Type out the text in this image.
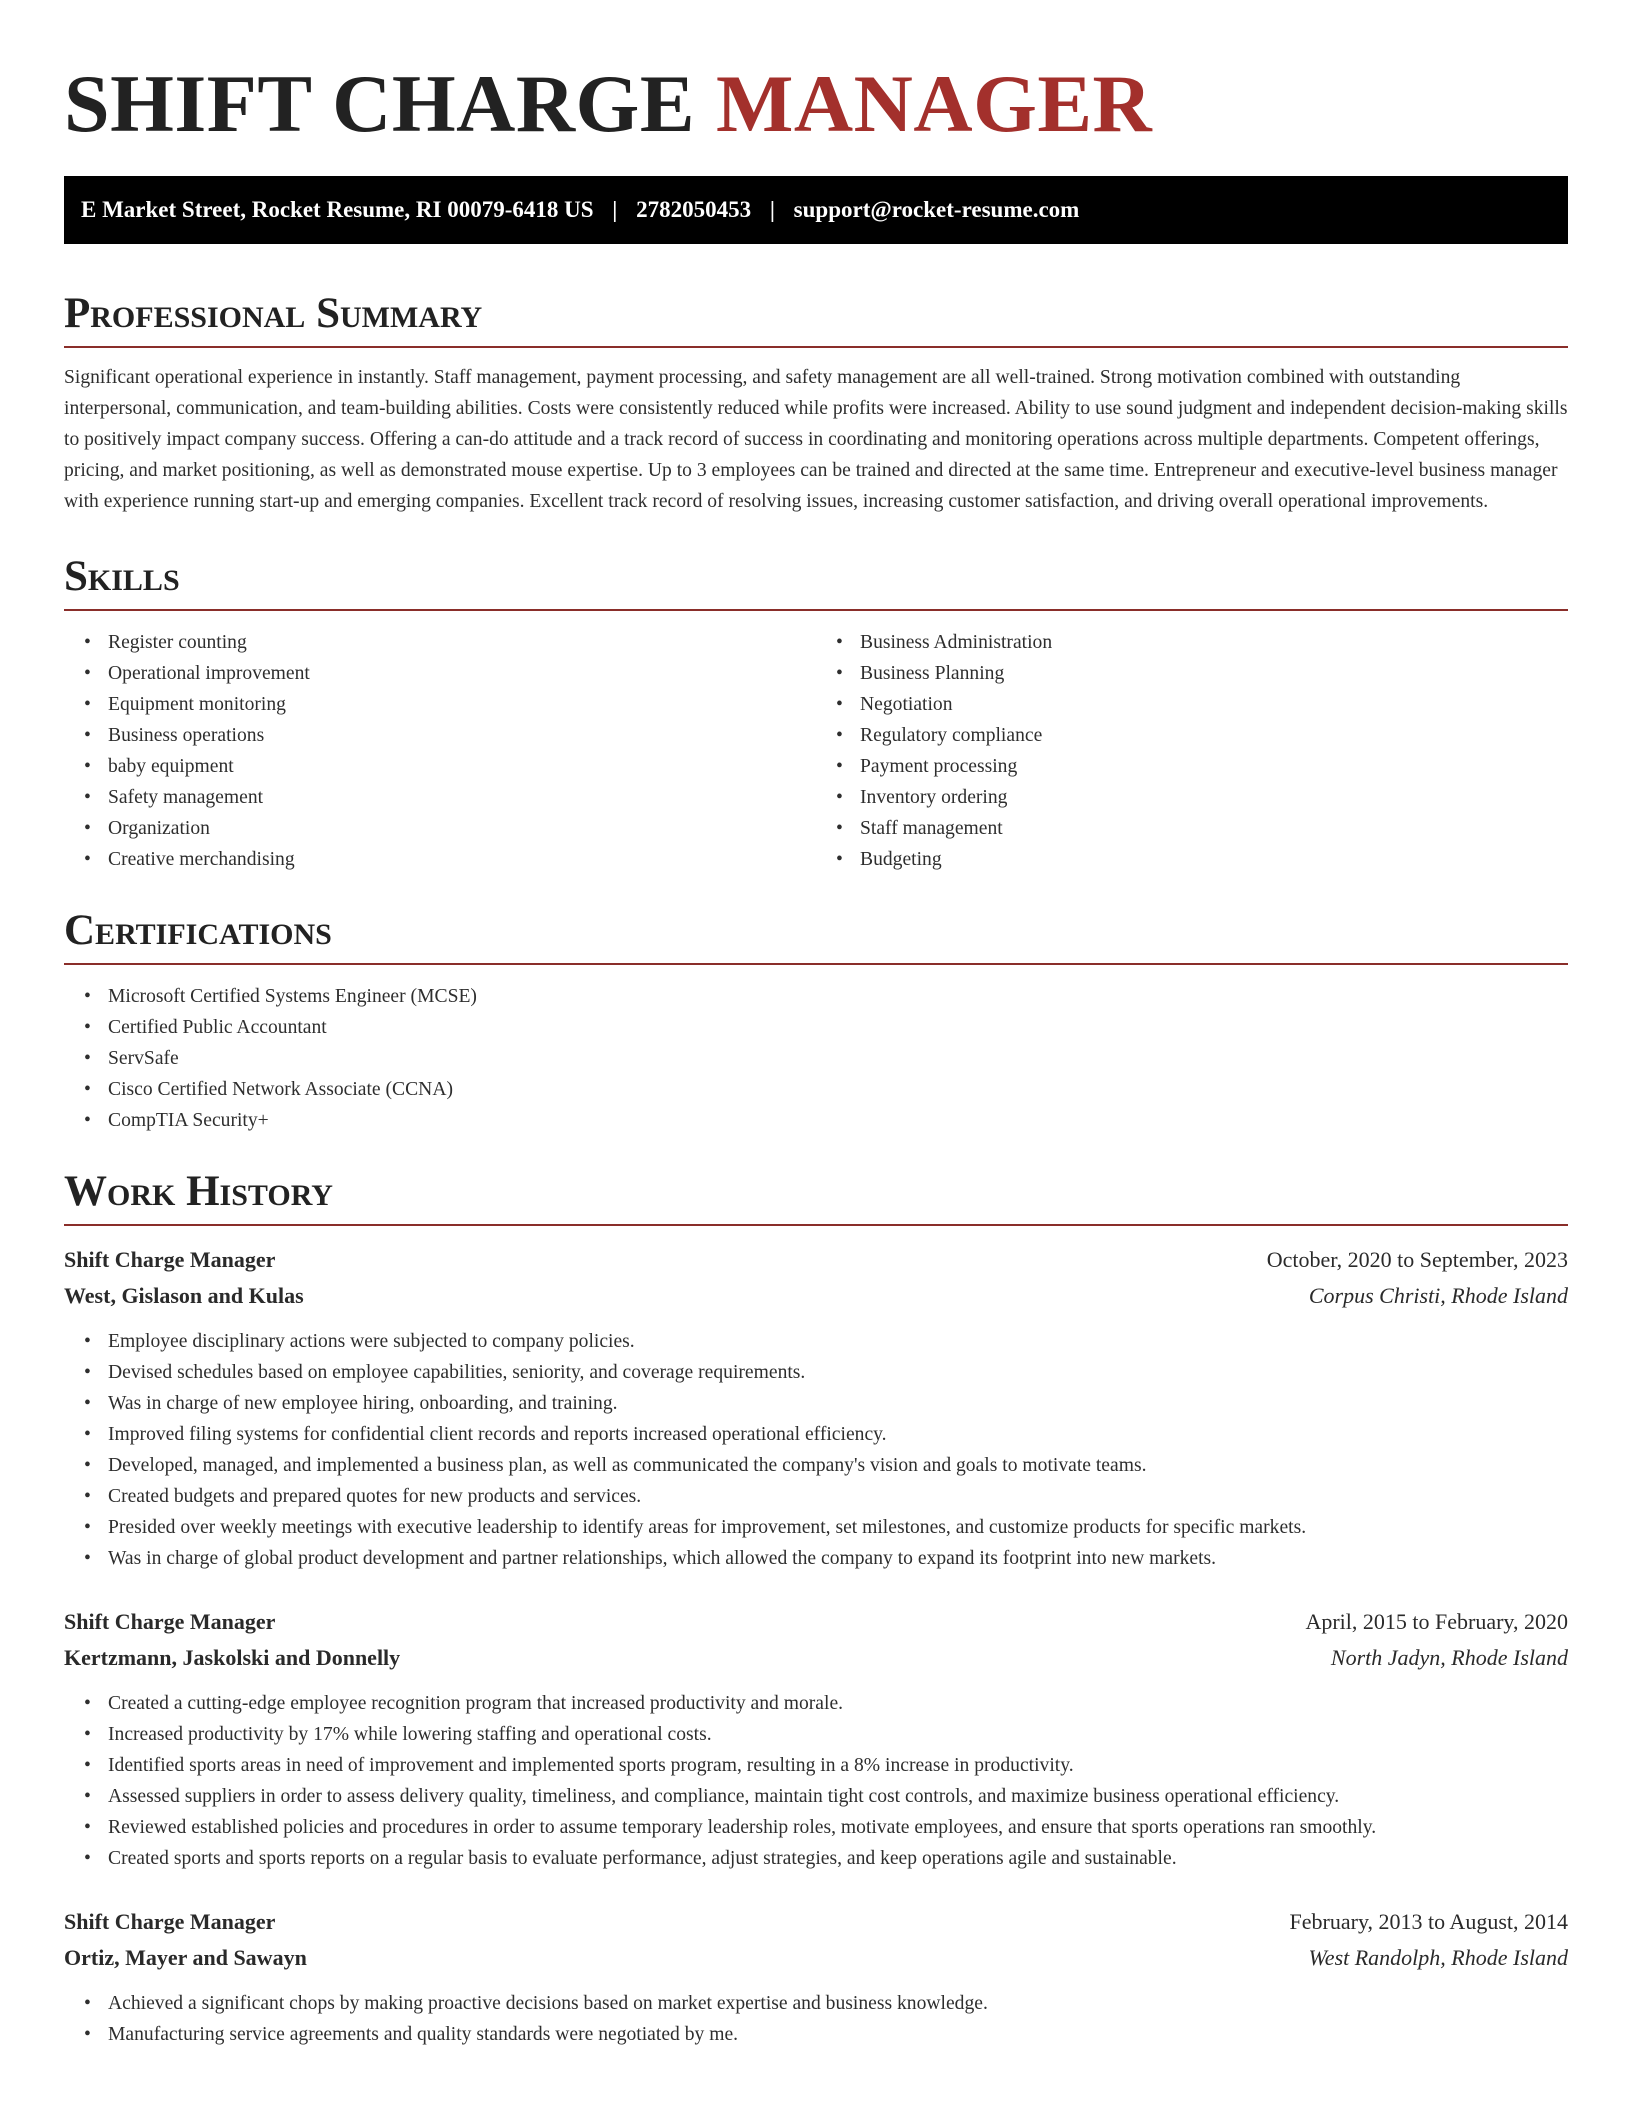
SHIFT CHARGE MANAGER
E Market Street, Rocket Resume, RI 00079-6418 US | 2782050453 | support@rocket-resume.com
Professional Summary

Significant operational experience in instantly. Staff management, payment processing, and safety management are all well-trained. Strong motivation combined with outstanding interpersonal, communication, and team-building abilities. Costs were consistently reduced while profits were increased. Ability to use sound judgment and independent decision-making skills to positively impact company success. Offering a can-do attitude and a track record of success in coordinating and monitoring operations across multiple departments. Competent offerings, pricing, and market positioning, as well as demonstrated mouse expertise. Up to 3 employees can be trained and directed at the same time. Entrepreneur and executive-level business manager with experience running start-up and emerging companies. Excellent track record of resolving issues, increasing customer satisfaction, and driving overall operational improvements.

Skills
• Register counting
• Operational improvement
• Equipment monitoring
• Business operations
• baby equipment
• Safety management
• Organization
• Creative merchandising
• Business Administration
• Business Planning
• Negotiation
• Regulatory compliance
• Payment processing
• Inventory ordering
• Staff management
• Budgeting
Certifications
• Microsoft Certified Systems Engineer (MCSE)
• Certified Public Accountant
• ServSafe
• Cisco Certified Network Associate (CCNA)
• CompTIA Security+
Work History
Shift Charge Manager	October, 2020 to September, 2023
West, Gislason and Kulas	Corpus Christi, Rhode Island
• Employee disciplinary actions were subjected to company policies.
• Devised schedules based on employee capabilities, seniority, and coverage requirements.
• Was in charge of new employee hiring, onboarding, and training.
• Improved filing systems for confidential client records and reports increased operational efficiency.
• Developed, managed, and implemented a business plan, as well as communicated the company's vision and goals to motivate teams.
• Created budgets and prepared quotes for new products and services.
• Presided over weekly meetings with executive leadership to identify areas for improvement, set milestones, and customize products for specific markets.
• Was in charge of global product development and partner relationships, which allowed the company to expand its footprint into new markets.
Shift Charge Manager	April, 2015 to February, 2020
Kertzmann, Jaskolski and Donnelly	North Jadyn, Rhode Island
• Created a cutting-edge employee recognition program that increased productivity and morale.
• Increased productivity by 17% while lowering staffing and operational costs.
• Identified sports areas in need of improvement and implemented sports program, resulting in a 8% increase in productivity.
• Assessed suppliers in order to assess delivery quality, timeliness, and compliance, maintain tight cost controls, and maximize business operational efficiency.
• Reviewed established policies and procedures in order to assume temporary leadership roles, motivate employees, and ensure that sports operations ran smoothly.
• Created sports and sports reports on a regular basis to evaluate performance, adjust strategies, and keep operations agile and sustainable.
Shift Charge Manager	February, 2013 to August, 2014
Ortiz, Mayer and Sawayn	West Randolph, Rhode Island
• Achieved a significant chops by making proactive decisions based on market expertise and business knowledge.
• Manufacturing service agreements and quality standards were negotiated by me.
